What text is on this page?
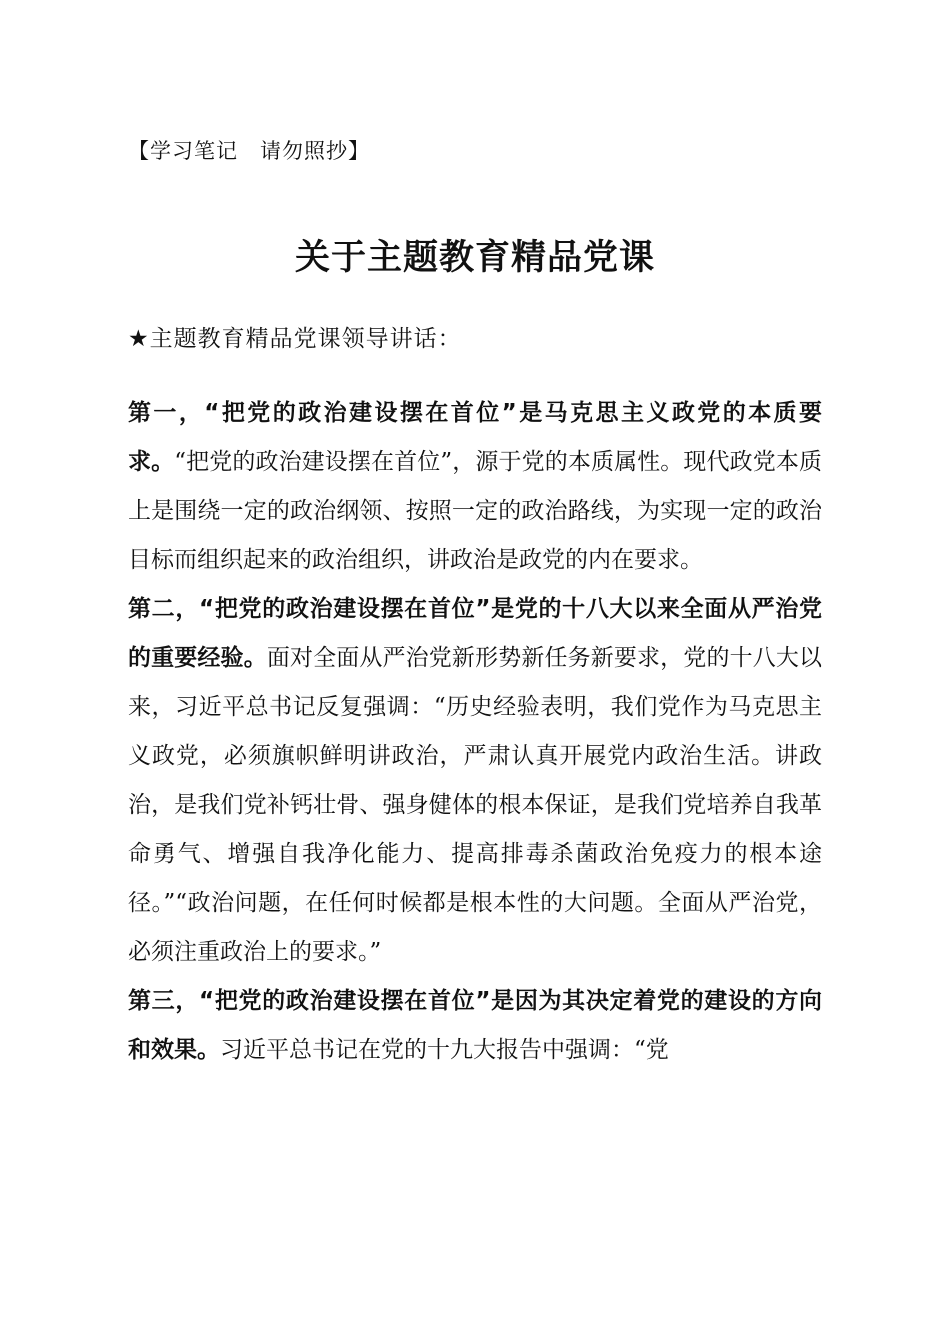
【学习笔记　请勿照抄】
关于主题教育精品党课
★主题教育精品党课领导讲话：

第一，“把党的政治建设摆在首位”是马克思主义政党的本质要求。“把党的政治建设摆在首位”，源于党的本质属性。现代政党本质上是围绕一定的政治纲领、按照一定的政治路线，为实现一定的政治目标而组织起来的政治组织，讲政治是政党的内在要求。

第二，“把党的政治建设摆在首位”是党的十八大以来全面从严治党的重要经验。面对全面从严治党新形势新任务新要求，党的十八大以来，习近平总书记反复强调：“历史经验表明，我们党作为马克思主义政党，必须旗帜鲜明讲政治，严肃认真开展党内政治生活。讲政治，是我们党补钙壮骨、强身健体的根本保证，是我们党培养自我革命勇气、增强自我净化能力、提高排毒杀菌政治免疫力的根本途径。”“政治问题，在任何时候都是根本性的大问题。全面从严治党，必须注重政治上的要求。”

第三，“把党的政治建设摆在首位”是因为其决定着党的建设的方向和效果。习近平总书记在党的十九大报告中强调：“党
